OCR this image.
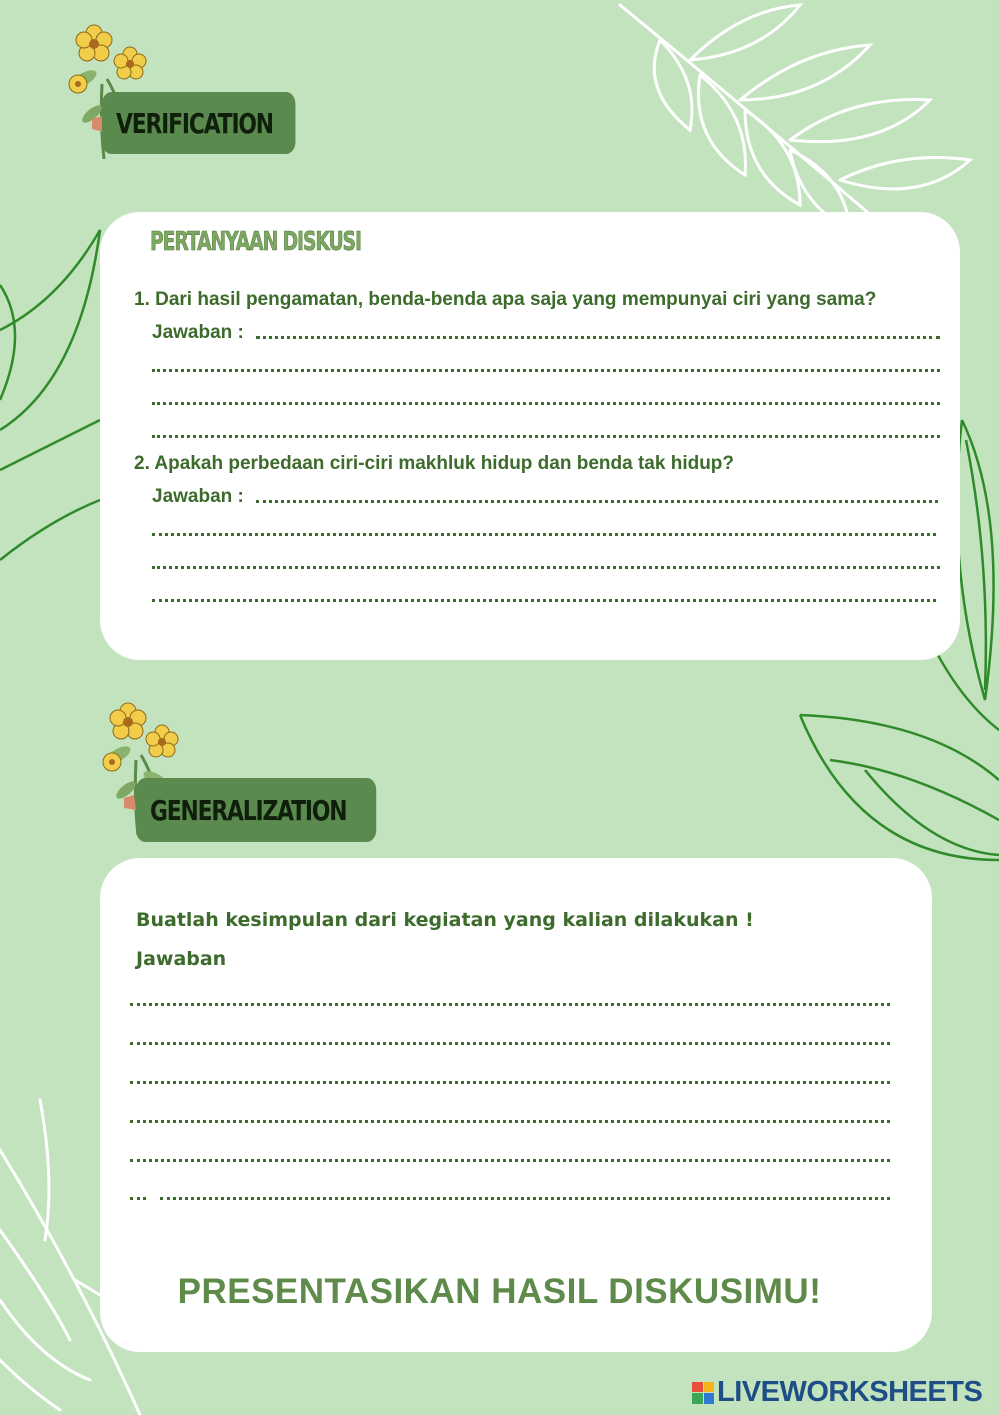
VERIFICATION
PERTANYAAN DISKUSI
1. Dari hasil pengamatan, benda-benda apa saja yang mempunyai ciri yang sama?
Jawaban :
2. Apakah perbedaan ciri-ciri makhluk hidup dan benda tak hidup?
Jawaban :
GENERALIZATION
Buatlah kesimpulan dari kegiatan yang kalian dilakukan !
Jawaban
PRESENTASIKAN HASIL DISKUSIMU!
LIVEWORKSHEETS
